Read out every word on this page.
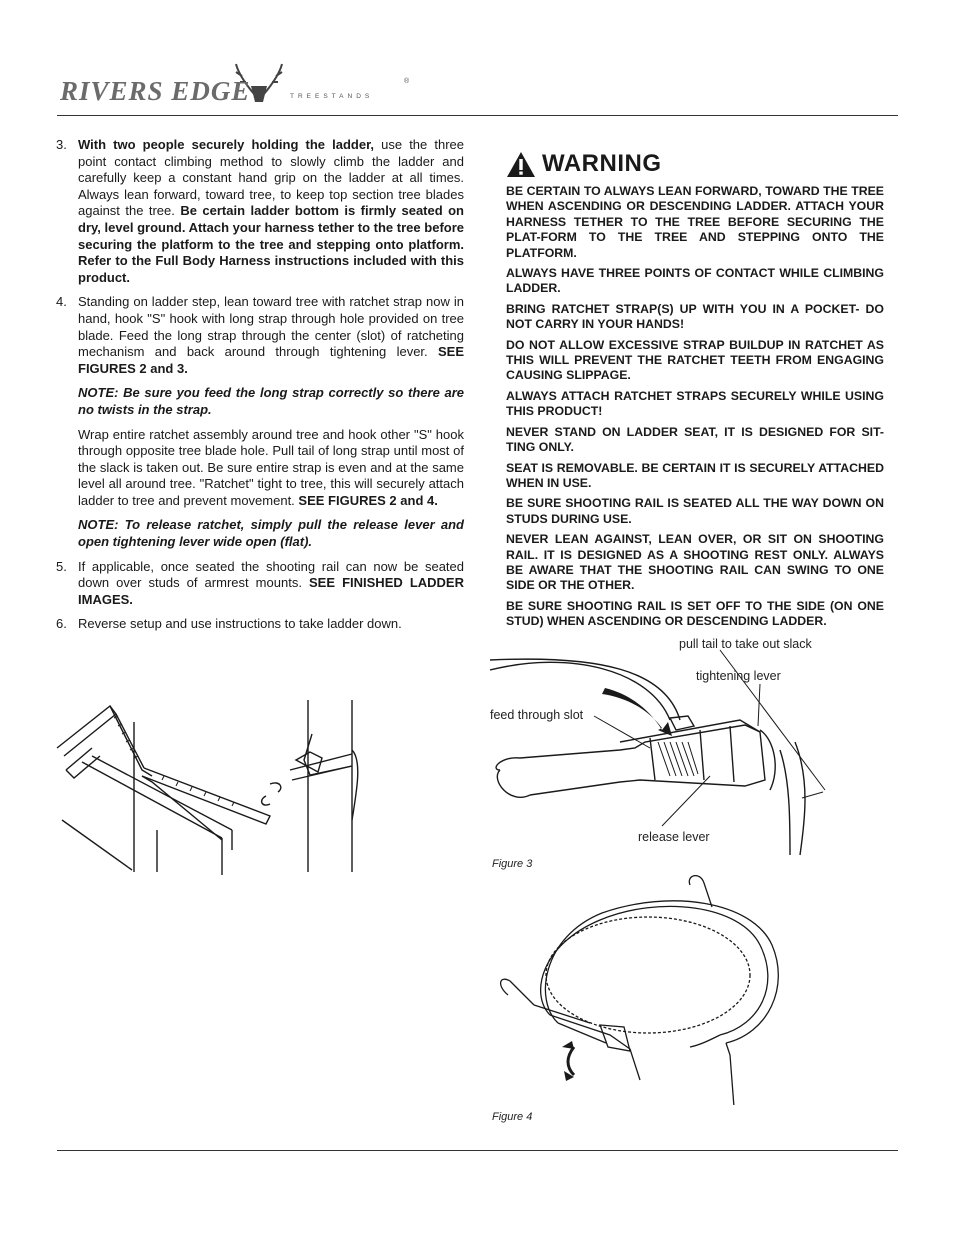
RIVERS EDGE	TREESTANDS
®
3. With two people securely holding the ladder, use the three point contact climbing method to slowly climb the ladder and carefully keep a constant hand grip on the ladder at all times. Always lean forward, toward tree, to keep top section tree blades against the tree. Be certain ladder bottom is firmly seated on dry, level ground. Attach your harness tether to the tree before securing the platform to the tree and stepping onto platform. Refer to the Full Body Harness instructions included with this product.

4. Standing on ladder step, lean toward tree with ratchet strap now in hand, hook "S" hook with long strap through hole provided on tree blade. Feed the long strap through the center (slot) of ratcheting mechanism and back around through tightening lever. SEE FIGURES 2 and 3.

NOTE: Be sure you feed the long strap correctly so there are no twists in the strap.

Wrap entire ratchet assembly around tree and hook other "S" hook through opposite tree blade hole. Pull tail of long strap until most of the slack is taken out. Be sure entire strap is even and at the same level all around tree. "Ratchet" tight to tree, this will securely attach ladder to tree and prevent movement. SEE FIGURES 2 and 4.

NOTE: To release ratchet, simply pull the release lever and open tightening lever wide open (flat).

5. If applicable, once seated the shooting rail can now be seated down over studs of armrest mounts. SEE FINISHED LADDER IMAGES.

6. Reverse setup and use instructions to take ladder down.

WARNING

BE CERTAIN TO ALWAYS LEAN FORWARD, TOWARD THE TREE WHEN ASCENDING OR DESCENDING LADDER. ATTACH YOUR HARNESS TETHER TO THE TREE BEFORE SECURING THE PLAT-FORM TO THE TREE AND STEPPING ONTO THE PLATFORM.

ALWAYS HAVE THREE POINTS OF CONTACT WHILE CLIMBING LADDER.

BRING RATCHET STRAP(S) UP WITH YOU IN A POCKET- DO NOT CARRY IN YOUR HANDS!

DO NOT ALLOW EXCESSIVE STRAP BUILDUP IN RATCHET AS THIS WILL PREVENT THE RATCHET TEETH FROM ENGAGING CAUSING SLIPPAGE.

ALWAYS ATTACH RATCHET STRAPS SECURELY WHILE USING THIS PRODUCT!

NEVER STAND ON LADDER SEAT, IT IS DESIGNED FOR SIT-TING ONLY.

SEAT IS REMOVABLE. BE CERTAIN IT IS SECURELY ATTACHED WHEN IN USE.

BE SURE SHOOTING RAIL IS SEATED ALL THE WAY DOWN ON STUDS DURING USE.

NEVER LEAN AGAINST, LEAN OVER, OR SIT ON SHOOTING RAIL. IT IS DESIGNED AS A SHOOTING REST ONLY. ALWAYS BE AWARE THAT THE SHOOTING RAIL CAN SWING TO ONE SIDE OR THE OTHER.

BE SURE SHOOTING RAIL IS SET OFF TO THE SIDE (ON ONE STUD) WHEN ASCENDING OR DESCENDING LADDER.

pull tail to take out slack
tightening lever
feed through slot
release lever
Figure 3
Figure 4
